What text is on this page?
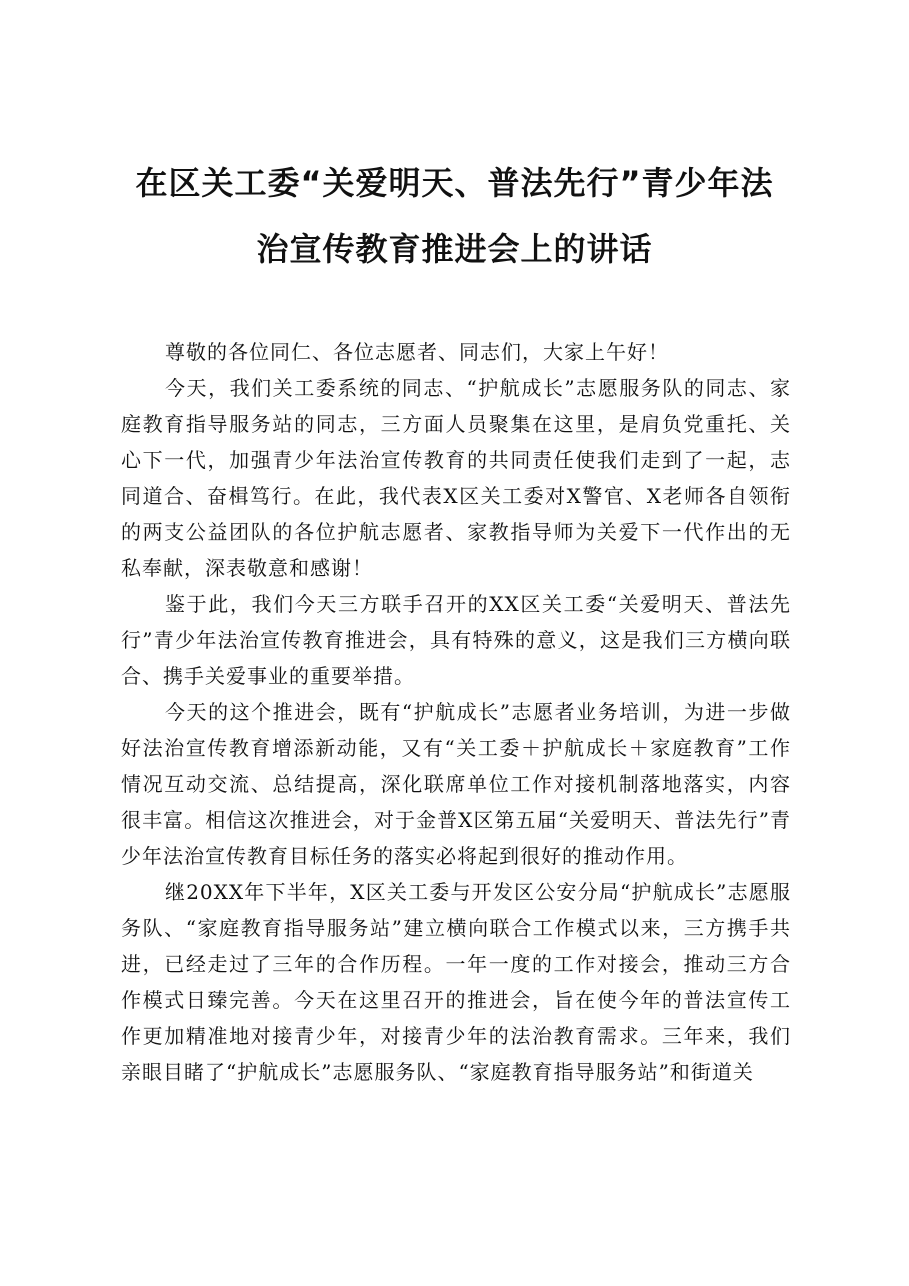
在区关工委“关爱明天、普法先行”青少年法
治宣传教育推进会上的讲话

尊敬的各位同仁、各位志愿者、同志们，大家上午好！

今天，我们关工委系统的同志、“护航成长”志愿服务队的同志、家庭教育指导服务站的同志，三方面人员聚集在这里，是肩负党重托、关心下一代，加强青少年法治宣传教育的共同责任使我们走到了一起，志同道合、奋楫笃行。在此，我代表X区关工委对X警官、X老师各自领衔的两支公益团队的各位护航志愿者、家教指导师为关爱下一代作出的无私奉献，深表敬意和感谢！

鉴于此，我们今天三方联手召开的XX区关工委“关爱明天、普法先行”青少年法治宣传教育推进会，具有特殊的意义，这是我们三方横向联合、携手关爱事业的重要举措。

今天的这个推进会，既有“护航成长”志愿者业务培训，为进一步做好法治宣传教育增添新动能，又有“关工委＋护航成长＋家庭教育”工作情况互动交流、总结提高，深化联席单位工作对接机制落地落实，内容很丰富。相信这次推进会，对于金普X区第五届“关爱明天、普法先行”青少年法治宣传教育目标任务的落实必将起到很好的推动作用。

继20XX年下半年，X区关工委与开发区公安分局“护航成长”志愿服务队、“家庭教育指导服务站”建立横向联合工作模式以来，三方携手共进，已经走过了三年的合作历程。一年一度的工作对接会，推动三方合作模式日臻完善。今天在这里召开的推进会，旨在使今年的普法宣传工作更加精准地对接青少年，对接青少年的法治教育需求。三年来，我们亲眼目睹了“护航成长”志愿服务队、“家庭教育指导服务站”和街道关
